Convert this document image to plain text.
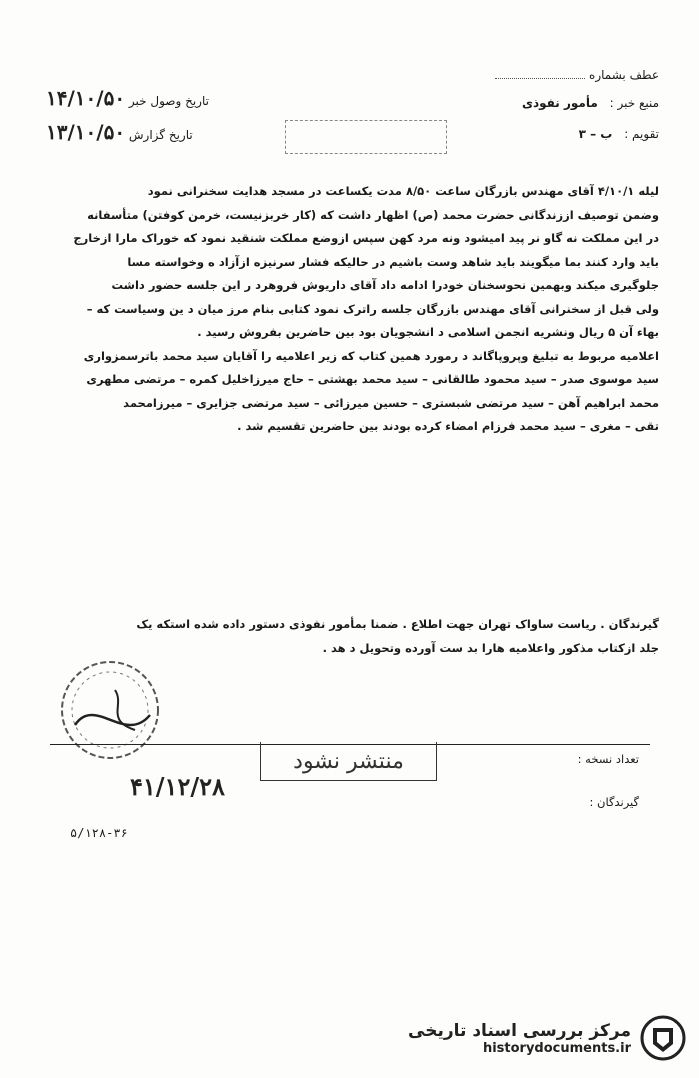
عطف بشماره
منبع خبر : مأمور نفوذی
تقویم : ب – ۳
تاریخ وصول خبر ۱۴/۱۰/۵۰
تاریخ گزارش ۱۳/۱۰/۵۰

لیله ۴/۱۰/۱ آقای مهندس بازرگان ساعت ۸/۵۰ مدت یکساعت در مسجد هدایت سخنرانی نمود

وضمن توصیف اززندگانی حضرت محمد (ص) اظهار داشت که (کار خربزنیست، خرمن کوفتن) متأسفانه

در این مملکت نه گاو نر پید امیشود ونه مرد کهن سپس ازوضع مملکت شنقید نمود که خوراک مارا ازخارج

باید وارد کنند بما میگویند باید شاهد وست باشیم در حالیکه فشار سرنیزه ازآزاد ه وخواسته مسا

جلوگیری میکند وبهمین نحوسخنان خودرا ادامه داد آقای داریوش فروهرد ر این جلسه حضور داشت

ولی قبل از سخنرانی آقای مهندس بازرگان جلسه راترک نمود کتابی بنام مرز میان د ین وسیاست که –

بهاء آن ۵ ریال ونشریه انجمن اسلامی د انشجویان بود بین حاضرین بفروش رسید .

اعلامیه مربوط به تبلیغ وپروپاگاند د رمورد همین کتاب که زیر اعلامیه را آقایان سید محمد باترسمزواری

سید موسوی صدر – سید محمود طالقانی – سید محمد بهشتی – حاج میرزاخلیل کمره – مرتضی مطهری

محمد ابراهیم آهن – سید مرتضی شبستری – حسین میرزائی – سید مرتضی جزایری – میرزامحمد

تقی – مغری – سید محمد فرزام امضاء کرده بودند بین حاضرین تقسیم شد .

گیرندگان . ریاست ساواک تهران جهت اطلاع . ضمنا بمأمور نفوذی دستور داده شده استکه یک

جلد ازکتاب مذکور واعلامیه هارا بد ست آورده وتحویل د هد .

منتشر نشود
۴۱/۱۲/۲۸
تعداد نسخه :
گیرندگان :
۵/۱۲۸-۳۶
مرکز بررسی اسناد تاریخی
historydocuments.ir
